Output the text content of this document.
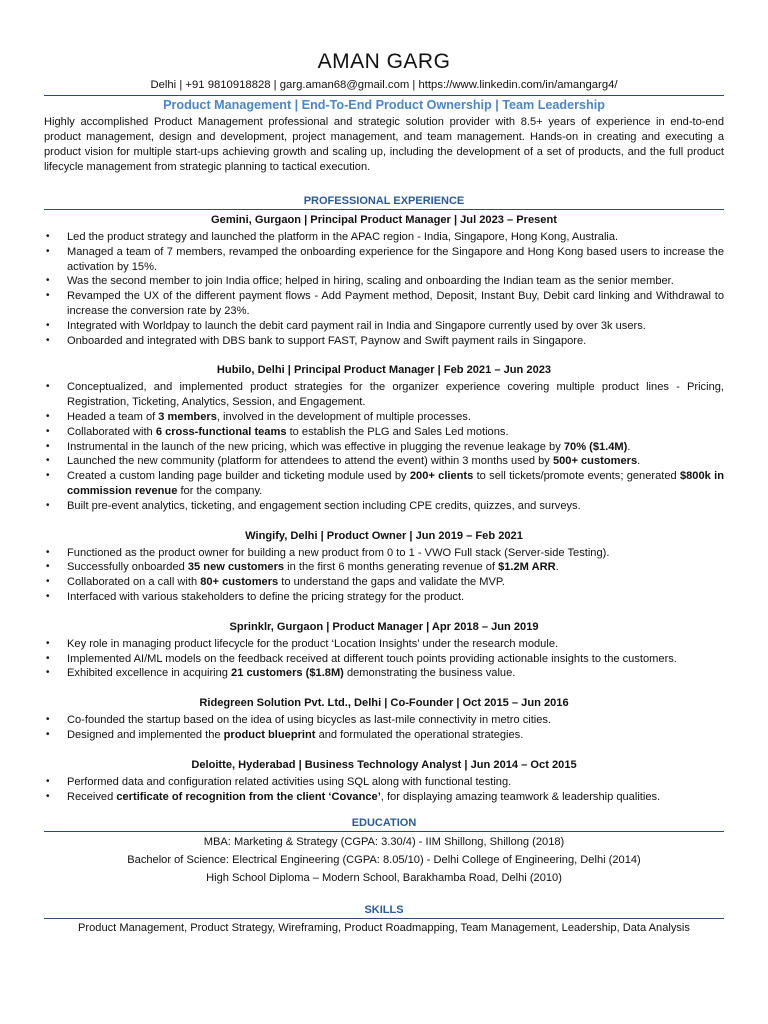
AMAN GARG
Delhi | +91 9810918828 | garg.aman68@gmail.com | https://www.linkedin.com/in/amangarg4/
Product Management | End-To-End Product Ownership | Team Leadership
Highly accomplished Product Management professional and strategic solution provider with 8.5+ years of experience in end-to-end product management, design and development, project management, and team management. Hands-on in creating and executing a product vision for multiple start-ups achieving growth and scaling up, including the development of a set of products, and the full product lifecycle management from strategic planning to tactical execution.
PROFESSIONAL EXPERIENCE
Gemini, Gurgaon | Principal Product Manager | Jul 2023 – Present
• Led the product strategy and launched the platform in the APAC region - India, Singapore, Hong Kong, Australia.
• Managed a team of 7 members, revamped the onboarding experience for the Singapore and Hong Kong based users to increase the activation by 15%.
• Was the second member to join India office; helped in hiring, scaling and onboarding the Indian team as the senior member.
• Revamped the UX of the different payment flows - Add Payment method, Deposit, Instant Buy, Debit card linking and Withdrawal to increase the conversion rate by 23%.
• Integrated with Worldpay to launch the debit card payment rail in India and Singapore currently used by over 3k users.
• Onboarded and integrated with DBS bank to support FAST, Paynow and Swift payment rails in Singapore.
Hubilo, Delhi | Principal Product Manager | Feb 2021 – Jun 2023
• Conceptualized, and implemented product strategies for the organizer experience covering multiple product lines - Pricing, Registration, Ticketing, Analytics, Session, and Engagement.
• Headed a team of 3 members, involved in the development of multiple processes.
• Collaborated with 6 cross-functional teams to establish the PLG and Sales Led motions.
• Instrumental in the launch of the new pricing, which was effective in plugging the revenue leakage by 70% ($1.4M).
• Launched the new community (platform for attendees to attend the event) within 3 months used by 500+ customers.
• Created a custom landing page builder and ticketing module used by 200+ clients to sell tickets/promote events; generated $800k in commission revenue for the company.
• Built pre-event analytics, ticketing, and engagement section including CPE credits, quizzes, and surveys.
Wingify, Delhi | Product Owner | Jun 2019 – Feb 2021
• Functioned as the product owner for building a new product from 0 to 1 - VWO Full stack (Server-side Testing).
• Successfully onboarded 35 new customers in the first 6 months generating revenue of $1.2M ARR.
• Collaborated on a call with 80+ customers to understand the gaps and validate the MVP.
• Interfaced with various stakeholders to define the pricing strategy for the product.
Sprinklr, Gurgaon | Product Manager | Apr 2018 – Jun 2019
• Key role in managing product lifecycle for the product ‘Location Insights’ under the research module.
• Implemented AI/ML models on the feedback received at different touch points providing actionable insights to the customers.
• Exhibited excellence in acquiring 21 customers ($1.8M) demonstrating the business value.
Ridegreen Solution Pvt. Ltd., Delhi | Co-Founder | Oct 2015 – Jun 2016
• Co-founded the startup based on the idea of using bicycles as last-mile connectivity in metro cities.
• Designed and implemented the product blueprint and formulated the operational strategies.
Deloitte, Hyderabad | Business Technology Analyst | Jun 2014 – Oct 2015
• Performed data and configuration related activities using SQL along with functional testing.
• Received certificate of recognition from the client ‘Covance’, for displaying amazing teamwork & leadership qualities.
EDUCATION
MBA: Marketing & Strategy (CGPA: 3.30/4) - IIM Shillong, Shillong (2018)
Bachelor of Science: Electrical Engineering (CGPA: 8.05/10) - Delhi College of Engineering, Delhi (2014)
High School Diploma – Modern School, Barakhamba Road, Delhi (2010)
SKILLS
Product Management, Product Strategy, Wireframing, Product Roadmapping, Team Management, Leadership, Data Analysis
